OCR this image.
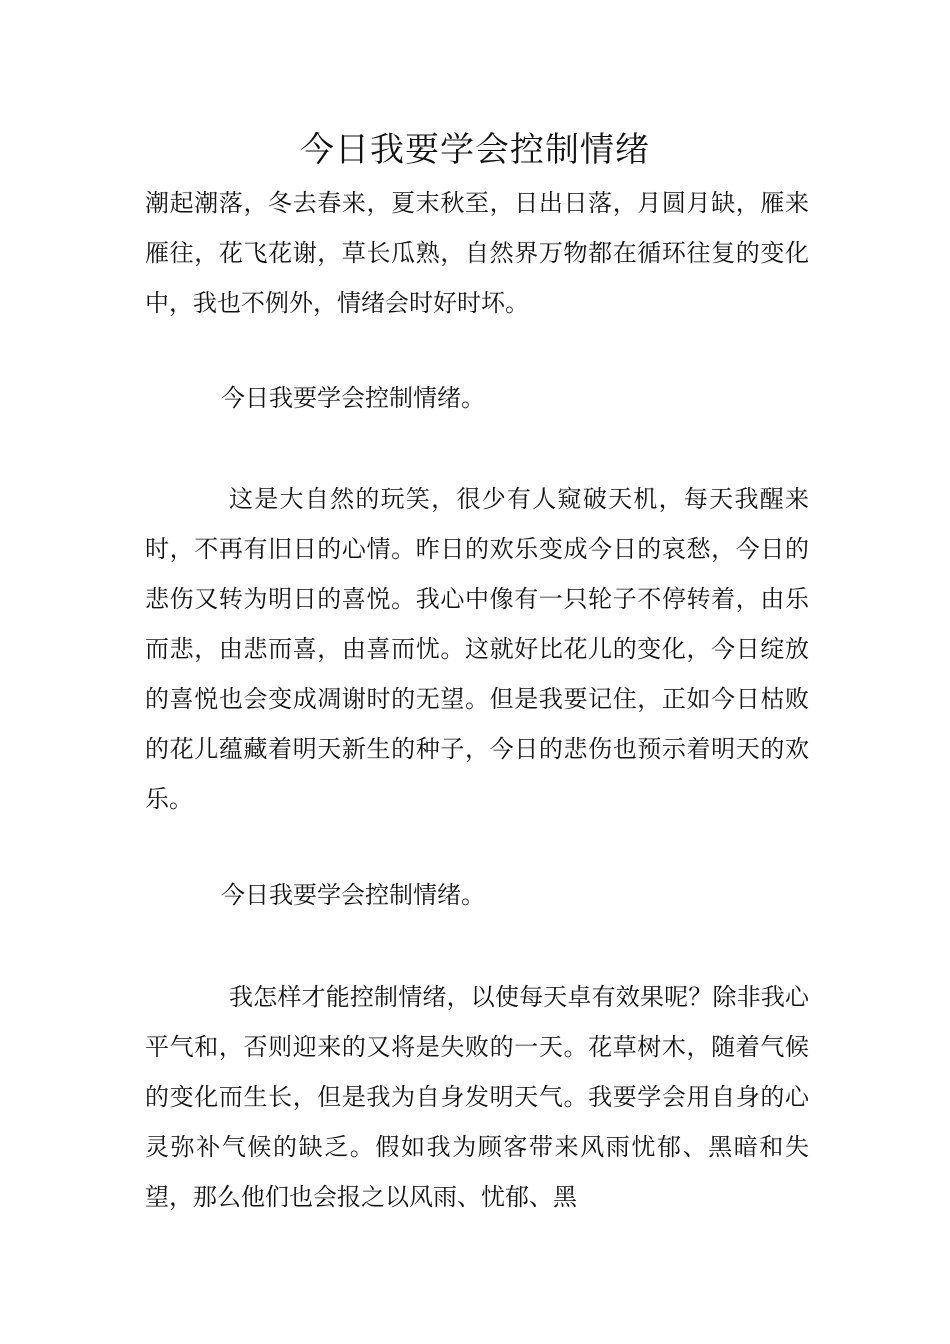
今日我要学会控制情绪

潮起潮落，冬去春来，夏末秋至，日出日落，月圆月缺，雁来雁往，花飞花谢，草长瓜熟，自然界万物都在循环往复的变化中，我也不例外，情绪会时好时坏。

今日我要学会控制情绪。

这是大自然的玩笑，很少有人窥破天机，每天我醒来时，不再有旧日的心情。昨日的欢乐变成今日的哀愁，今日的悲伤又转为明日的喜悦。我心中像有一只轮子不停转着，由乐而悲，由悲而喜，由喜而忧。这就好比花儿的变化，今日绽放的喜悦也会变成凋谢时的无望。但是我要记住，正如今日枯败的花儿蕴藏着明天新生的种子，今日的悲伤也预示着明天的欢乐。

今日我要学会控制情绪。

我怎样才能控制情绪，以使每天卓有效果呢？除非我心平气和，否则迎来的又将是失败的一天。花草树木，随着气候的变化而生长，但是我为自身发明天气。我要学会用自身的心灵弥补气候的缺乏。假如我为顾客带来风雨忧郁、黑暗和失望，那么他们也会报之以风雨、忧郁、黑
